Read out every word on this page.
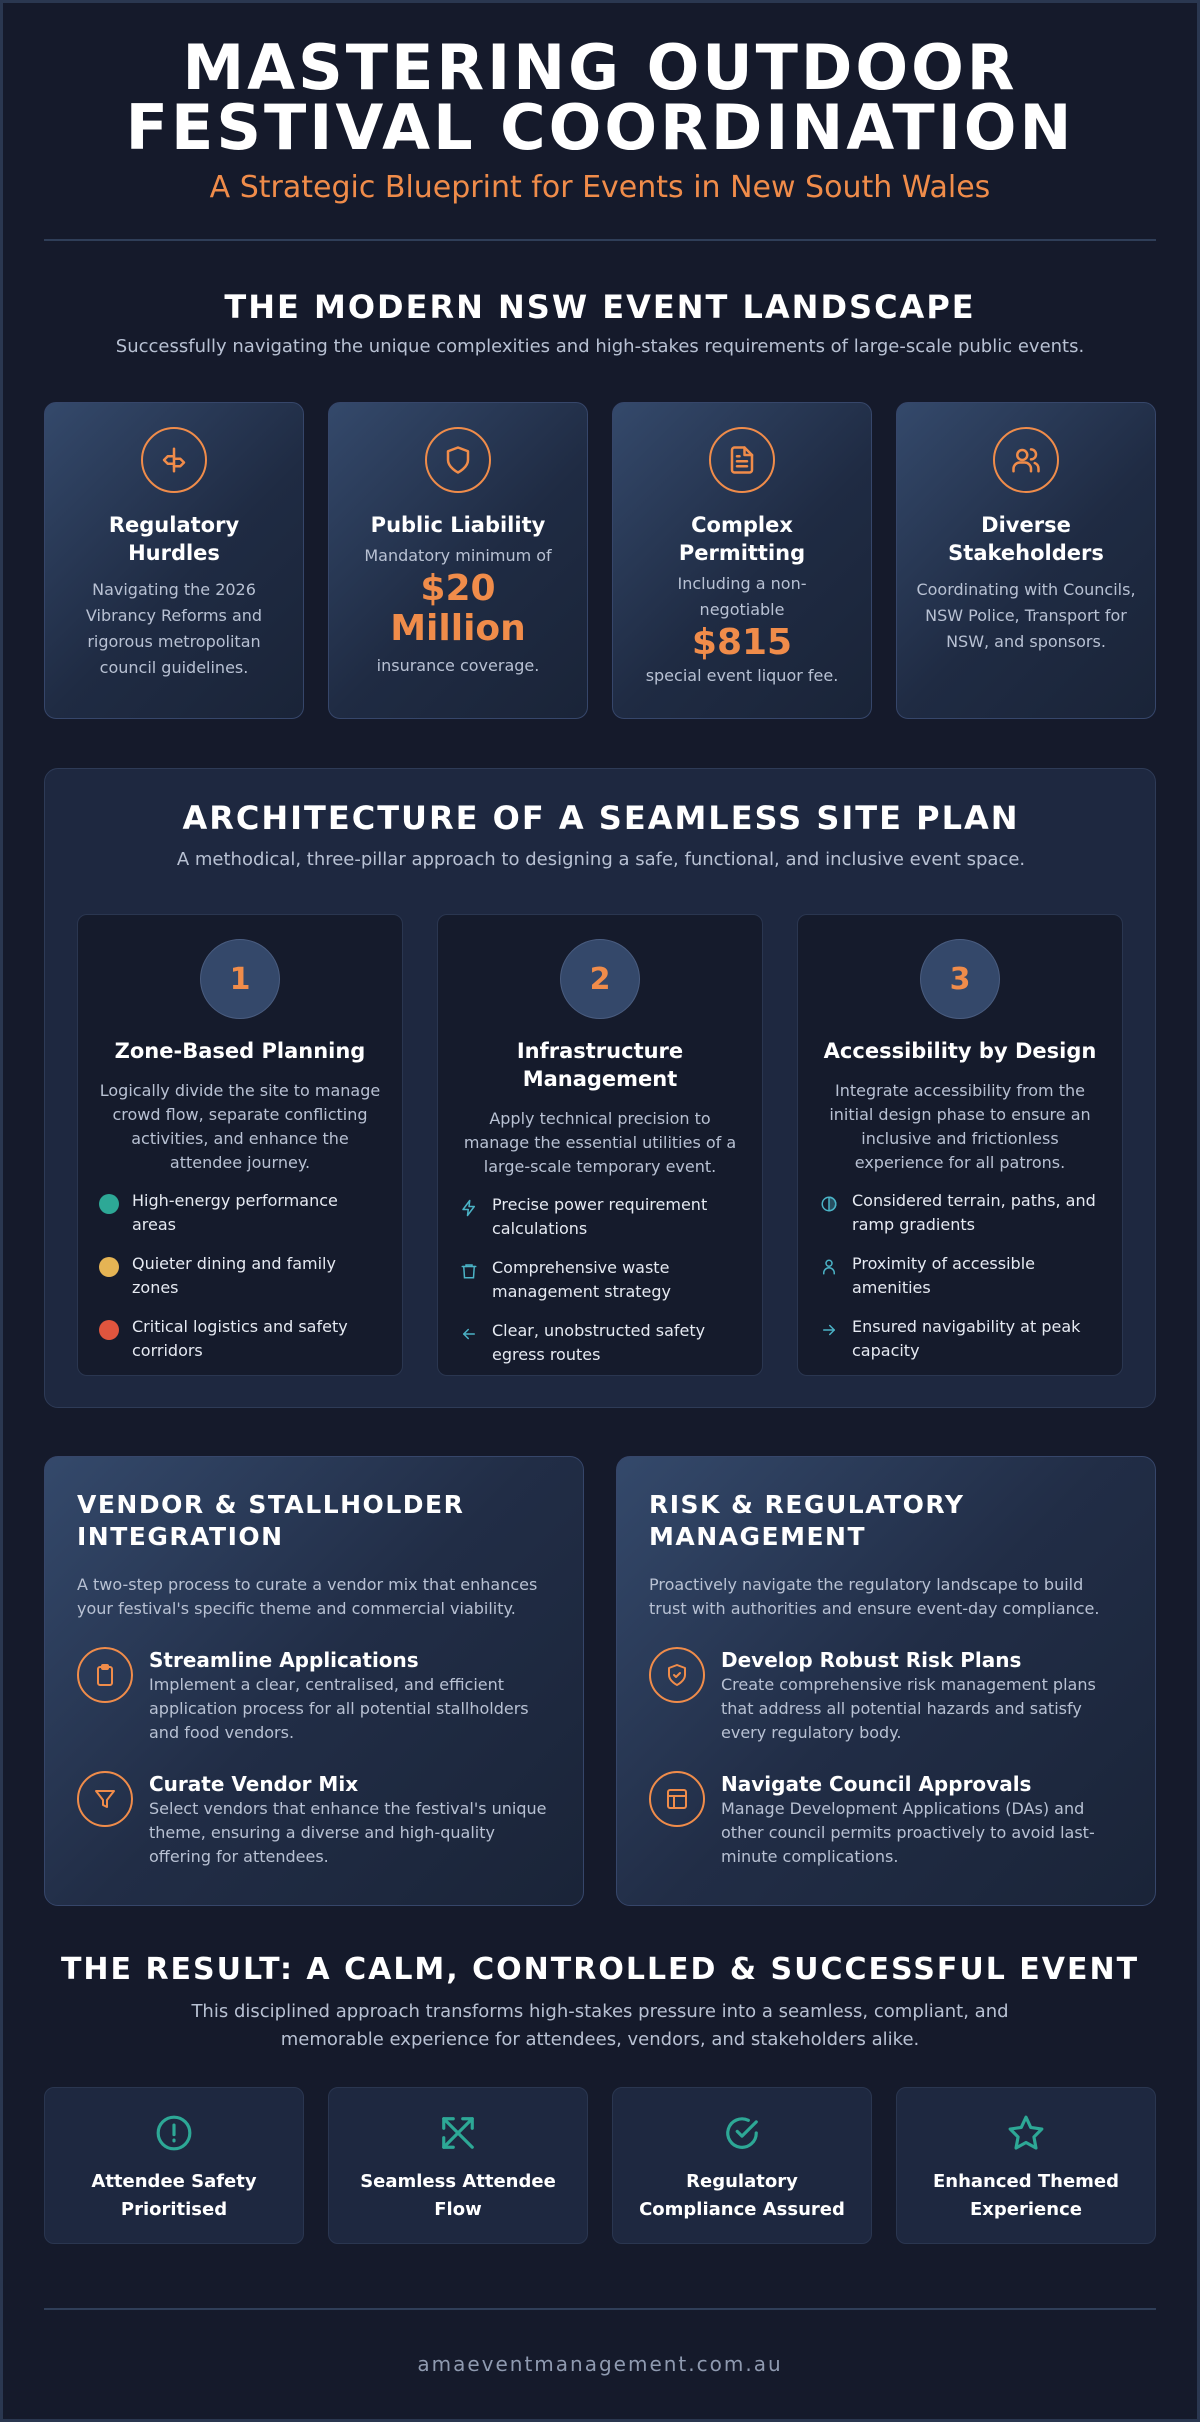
MASTERING OUTDOOR
FESTIVAL COORDINATION
A Strategic Blueprint for Events in New South Wales
THE MODERN NSW EVENT LANDSCAPE
Successfully navigating the unique complexities and high-stakes requirements of large-scale public events.
Regulatory Hurdles
Navigating the 2026 Vibrancy Reforms and rigorous metropolitan council guidelines.
Public Liability
Mandatory minimum of
$20 Million
insurance coverage.
Complex Permitting
Including a non-negotiable
$815
special event liquor fee.
Diverse Stakeholders
Coordinating with Councils, NSW Police, Transport for NSW, and sponsors.
ARCHITECTURE OF A SEAMLESS SITE PLAN
A methodical, three-pillar approach to designing a safe, functional, and inclusive event space.
1
Zone-Based Planning
Logically divide the site to manage crowd flow, separate conflicting activities, and enhance the attendee journey.
High-energy performance areas
Quieter dining and family zones
Critical logistics and safety corridors
2
Infrastructure Management
Apply technical precision to manage the essential utilities of a large-scale temporary event.
Precise power requirement calculations
Comprehensive waste management strategy
Clear, unobstructed safety egress routes
3
Accessibility by Design
Integrate accessibility from the initial design phase to ensure an inclusive and frictionless experience for all patrons.
Considered terrain, paths, and ramp gradients
Proximity of accessible amenities
Ensured navigability at peak capacity
VENDOR & STALLHOLDER INTEGRATION
A two-step process to curate a vendor mix that enhances your festival's specific theme and commercial viability.
Streamline Applications
Implement a clear, centralised, and efficient application process for all potential stallholders and food vendors.
Curate Vendor Mix
Select vendors that enhance the festival's unique theme, ensuring a diverse and high-quality offering for attendees.
RISK & REGULATORY MANAGEMENT
Proactively navigate the regulatory landscape to build trust with authorities and ensure event-day compliance.
Develop Robust Risk Plans
Create comprehensive risk management plans that address all potential hazards and satisfy every regulatory body.
Navigate Council Approvals
Manage Development Applications (DAs) and other council permits proactively to avoid last-minute complications.
THE RESULT: A CALM, CONTROLLED & SUCCESSFUL EVENT
This disciplined approach transforms high-stakes pressure into a seamless, compliant, and
memorable experience for attendees, vendors, and stakeholders alike.
Attendee Safety Prioritised
Seamless Attendee Flow
Regulatory Compliance Assured
Enhanced Themed Experience
amaeventmanagement.com.au
